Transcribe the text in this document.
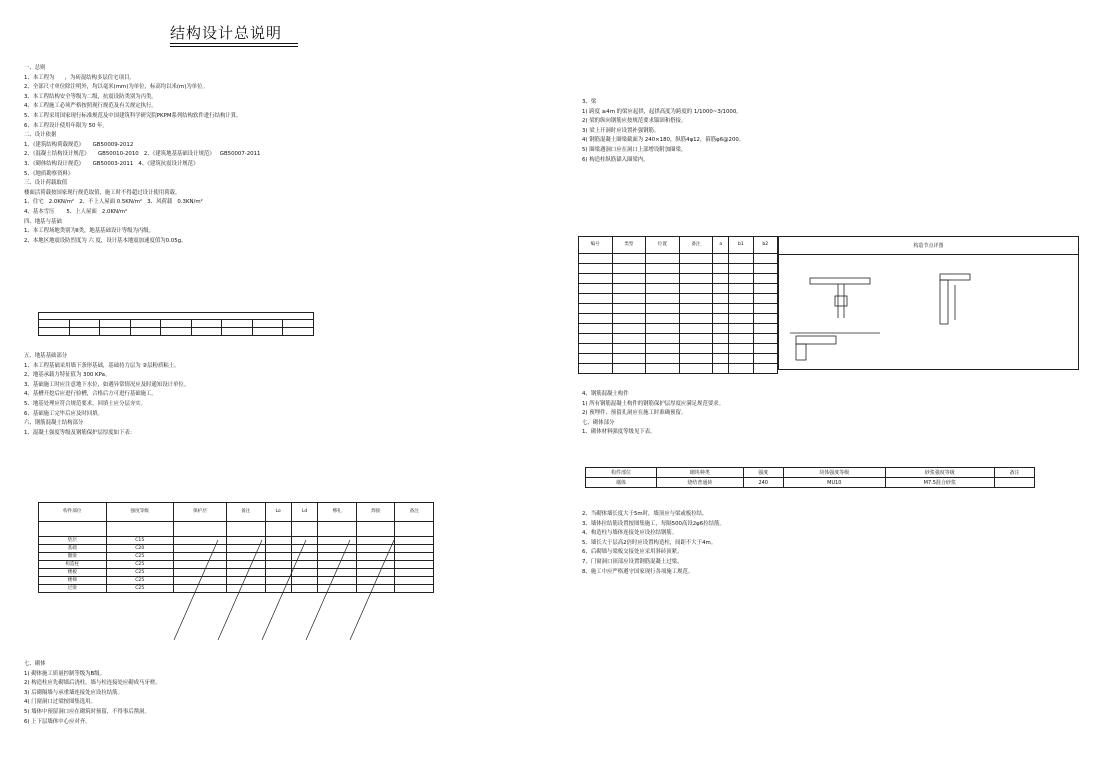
结构设计总说明

一、总则

1、本工程为      ，为砖混结构多层住宅项目。

2、全部尺寸单位除注明外，均以毫米(mm)为单位，标高均以米(m)为单位。

3、本工程结构安全等级为二级，抗震设防类别为丙类。

4、本工程施工必须严格按照现行规范及有关规定执行。

5、本工程采用国家现行标准规范及中国建筑科学研究院PKPM系列结构软件进行结构计算。

6、本工程设计使用年限为 50 年。

二、设计依据

1、《建筑结构荷载规范》     GB50009-2012

2、《混凝土结构设计规范》     GB50010-2010   2、《建筑地基基础设计规范》   GB50007-2011

3、《砌体结构设计规范》     GB50003-2011   4、《建筑抗震设计规范》

5、《地质勘察资料》

三、设计荷载取值

楼面活荷载按国家现行规范取值，施工时不得超过设计使用荷载。

1、住宅   2.0KN/m²   2、不上人屋面 0.5KN/m²   3、风荷载   0.3KN/m²

4、基本雪压       5、上人屋面   2.0KN/m²

四、地基与基础

1、本工程场地类别为Ⅱ类，地基基础设计等级为丙级。

2、本地区地震设防烈度为 六 度，设计基本地震加速度值为0.05g。

五、地基基础部分

1、本工程基础采用墙下条形基础，基础持力层为 ②层粉质粘土。

2、地基承载力特征值为 300 KPa。

3、基础施工时应注意地下水位，如遇异常情况应及时通知设计单位。

4、基槽开挖后应进行验槽，合格后方可进行基础施工。

5、地基处理应符合规范要求，回填土应分层夯实。

6、基础施工完毕后应及时回填。

六、钢筋混凝土结构部分

1、混凝土强度等级及钢筋保护层厚度如下表：

构件部位	强度等级	保护层	备注	Lo	Ld	绑扎	焊接	备注

垫层	C15							
基础	C20							
圈梁	C25							
构造柱	C25							
楼板	C25							
楼梯	C25							
过梁	C25							

七、砌体

1) 砌体施工质量控制等级为B级。

2) 构造柱应先砌墙后浇柱，墙与柱连接处应砌成马牙槎。

3) 后砌隔墙与承重墙连接处应设拉结筋。

4) 门窗洞口过梁按图集选用。

5) 墙体中预留洞口应在砌筑时预留，不得事后凿洞。

6) 上下层墙体中心应对齐。

3、梁

1) 跨度 ≥4m 的梁应起拱，起拱高度为跨度的 1/1000~3/1000。

2) 梁的纵向钢筋应按规范要求锚固和搭接。

3) 梁上开洞时应设置补强钢筋。

4) 钢筋混凝土圈梁截面为 240×180，纵筋4φ12，箍筋φ6@200。

5) 圈梁遇洞口应在洞口上部增设附加圈梁。

6) 构造柱纵筋锚入圈梁内。

编号	类型	位置	备注	a	b1	b2

							构造节点详图

4、钢筋混凝土构件

1) 所有钢筋混凝土构件的钢筋保护层厚度应满足规范要求。

2) 预埋件、预留孔洞应在施工时准确预留。

七、砌体部分

1、砌体材料强度等级见下表。

构件部位	砌块种类	强度	块体强度等级	砂浆强度等级	备注
墙体	烧结普通砖	240	MU10	M7.5混合砂浆	

2、当砌体墙长度大于5m时，墙顶应与梁或板拉结。

3、墙体拉结筋设置按图集施工，每隔500高设2φ6拉结筋。

4、构造柱与墙体连接处应设拉结钢筋。

5、墙长大于层高2倍时应设置构造柱，间距不大于4m。

6、后砌墙与梁板交接处应采用斜砖顶紧。

7、门窗洞口顶部应设置钢筋混凝土过梁。

8、施工中应严格遵守国家现行各项施工规范。
